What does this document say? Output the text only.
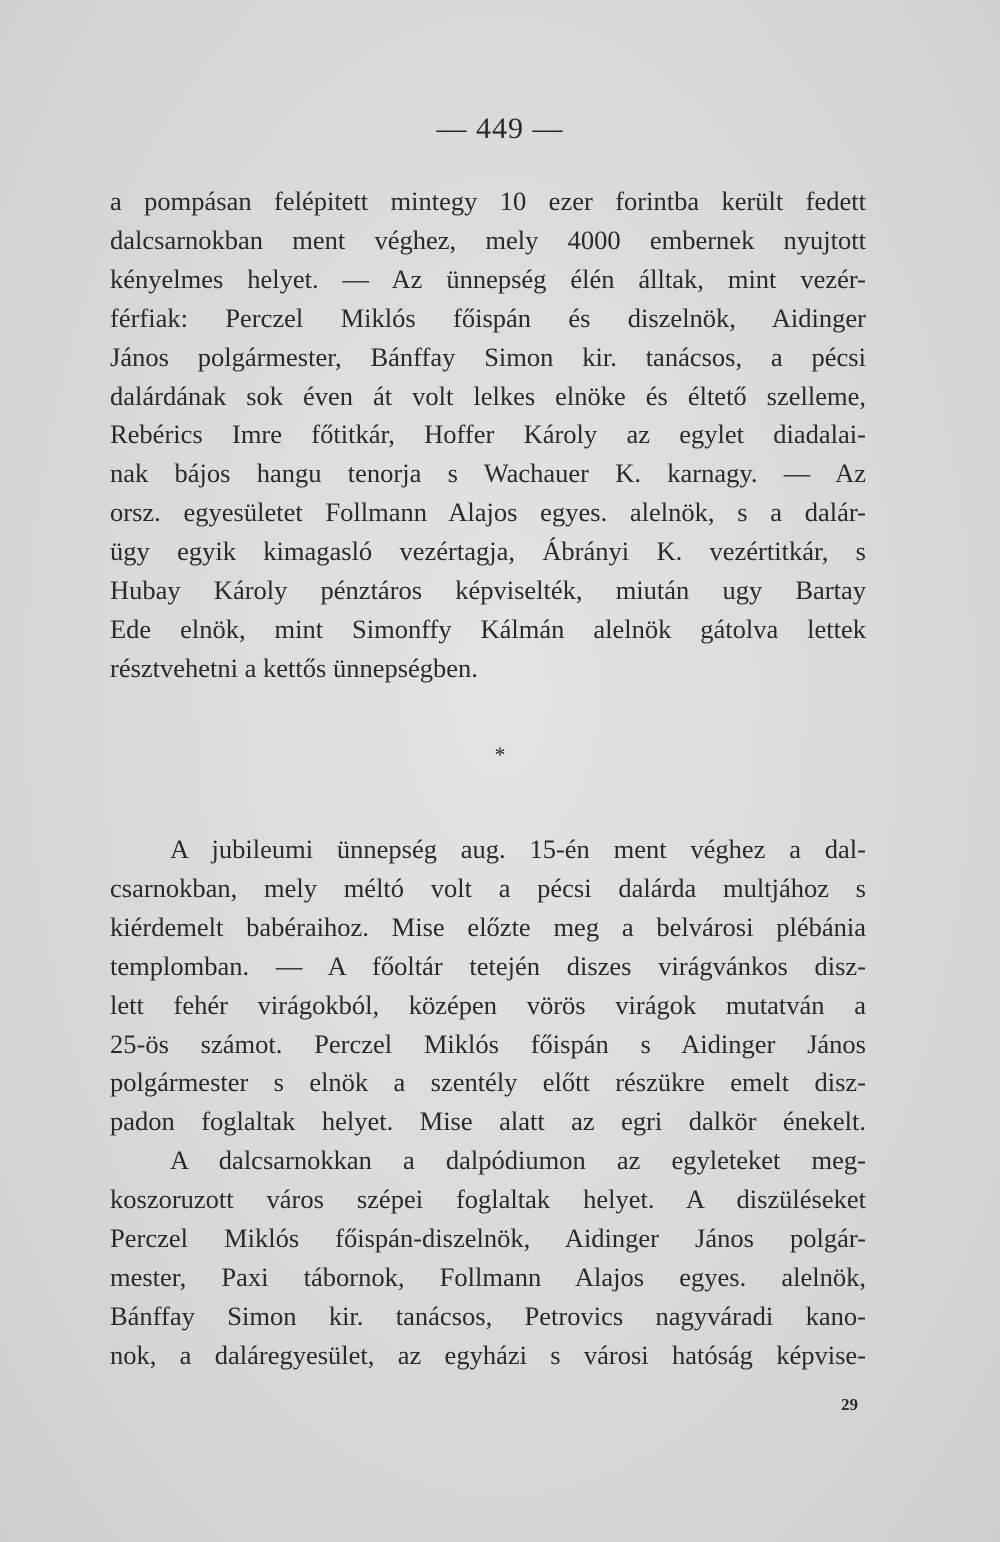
— 449 —
a pompásan felépitett mintegy 10 ezer forintba került fedett
dalcsarnokban ment véghez, mely 4000 embernek nyujtott
kényelmes helyet. — Az ünnepség élén álltak, mint vezér-
férfiak: Perczel Miklós főispán és diszelnök, Aidinger
János polgármester, Bánffay Simon kir. tanácsos, a pécsi
dalárdának sok éven át volt lelkes elnöke és éltető szelleme,
Rebérics Imre főtitkár, Hoffer Károly az egylet diadalai-
nak bájos hangu tenorja s Wachauer K. karnagy. — Az
orsz. egyesületet Follmann Alajos egyes. alelnök, s a dalár-
ügy egyik kimagasló vezértagja, Ábrányi K. vezértitkár, s
Hubay Károly pénztáros képviselték, miután ugy Bartay
Ede elnök, mint Simonffy Kálmán alelnök gátolva lettek
résztvehetni a kettős ünnepségben.
*
A jubileumi ünnepség aug. 15-én ment véghez a dal-
csarnokban, mely méltó volt a pécsi dalárda multjához s
kiérdemelt babéraihoz. Mise előzte meg a belvárosi plébánia
templomban. — A főoltár tetején diszes virágvánkos disz-
lett fehér virágokból, középen vörös virágok mutatván a
25-ös számot. Perczel Miklós főispán s Aidinger János
polgármester s elnök a szentély előtt részükre emelt disz-
padon foglaltak helyet. Mise alatt az egri dalkör énekelt.
A dalcsarnokkan a dalpódiumon az egyleteket meg-
koszoruzott város szépei foglaltak helyet. A diszüléseket
Perczel Miklós főispán-diszelnök, Aidinger János polgár-
mester, Paxi tábornok, Follmann Alajos egyes. alelnök,
Bánffay Simon kir. tanácsos, Petrovics nagyváradi kano-
nok, a daláregyesület, az egyházi s városi hatóság képvise-
29
